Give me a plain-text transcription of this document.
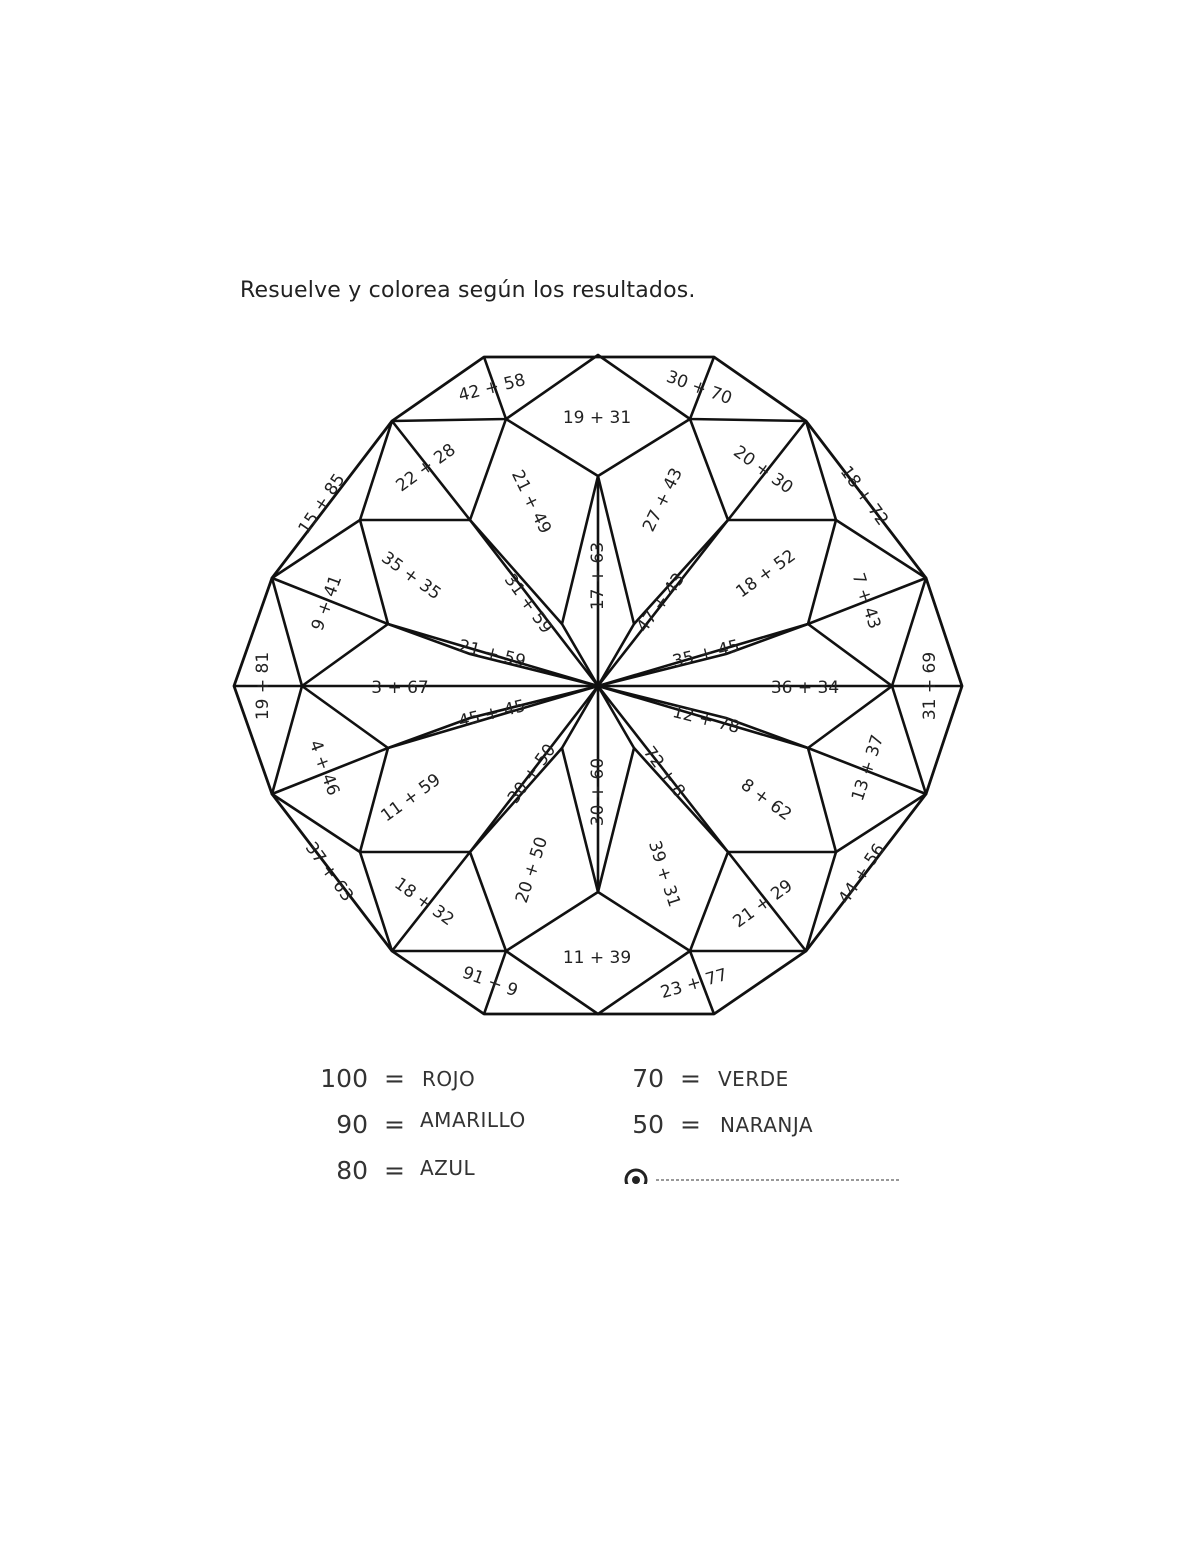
Resuelve y colorea según los resultados.
42 + 58	30 + 70
19 + 31
15 + 85
22 + 28	21 + 49	27 + 43	20 + 30 18 + 72
9 + 41 35 + 35	31 + 59 17 + 63 47 + 43	18 + 52	7 + 43
19 + 81	21 + 59
3 + 67
35 + 45
36 + 34	31 + 69
45 + 45	12 + 78
4 + 46 11 + 59	30 + 50 30 + 60 72 + 8	8 + 62	13 + 37
37 + 63 18 + 32	20 + 50	39 + 31	21 + 29 44 + 56
11 + 39
91 + 9	23 + 77
100 = ROJO
90 = AMARILLO
80 = AZUL
70 = VERDE
50 = NARANJA
